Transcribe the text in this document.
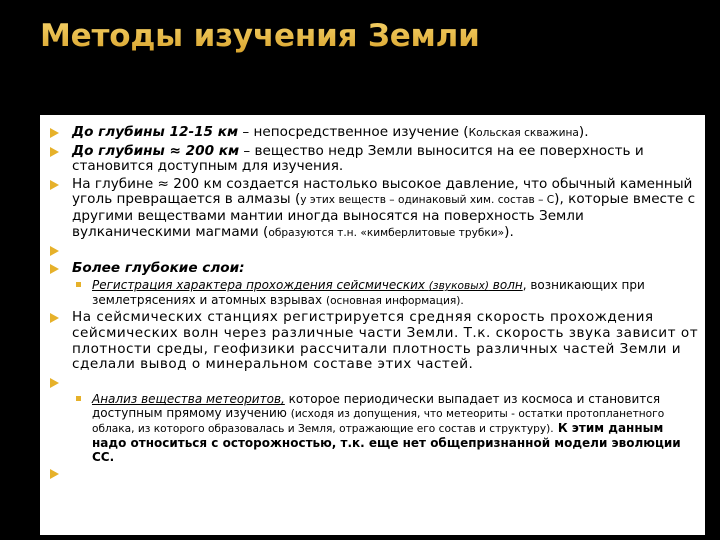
Методы изучения Земли
До глубины 12-15 км – непосредственное изучение (Кольская скважина).
До глубины ≈ 200 км – вещество недр Земли выносится на ее поверхность и становится доступным для изучения.
На глубине ≈ 200 км создается настолько высокое давление, что обычный каменный уголь превращается в алмазы (у этих веществ – одинаковый хим. состав – С), которые вместе с другими веществами мантии иногда выносятся на поверхность Земли вулканическими магмами (образуются т.н. «кимберлитовые трубки»).
Более глубокие слои:
Регистрация характера прохождения сейсмических (звуковых) волн, возникающих при землетрясениях и атомных взрывах (основная информация).
На сейсмических станциях регистрируется средняя скорость прохождения сейсмических волн через различные части Земли. Т.к. скорость звука зависит от плотности среды, геофизики рассчитали плотность различных частей Земли и сделали вывод о минеральном составе этих частей.
Анализ вещества метеоритов, которое периодически выпадает из космоса и становится доступным прямому изучению (исходя из допущения, что метеориты - остатки протопланетного облака, из которого образовалась и Земля, отражающие его состав и структуру). К этим данным надо относиться с осторожностью, т.к. еще нет общепризнанной модели эволюции СС.
